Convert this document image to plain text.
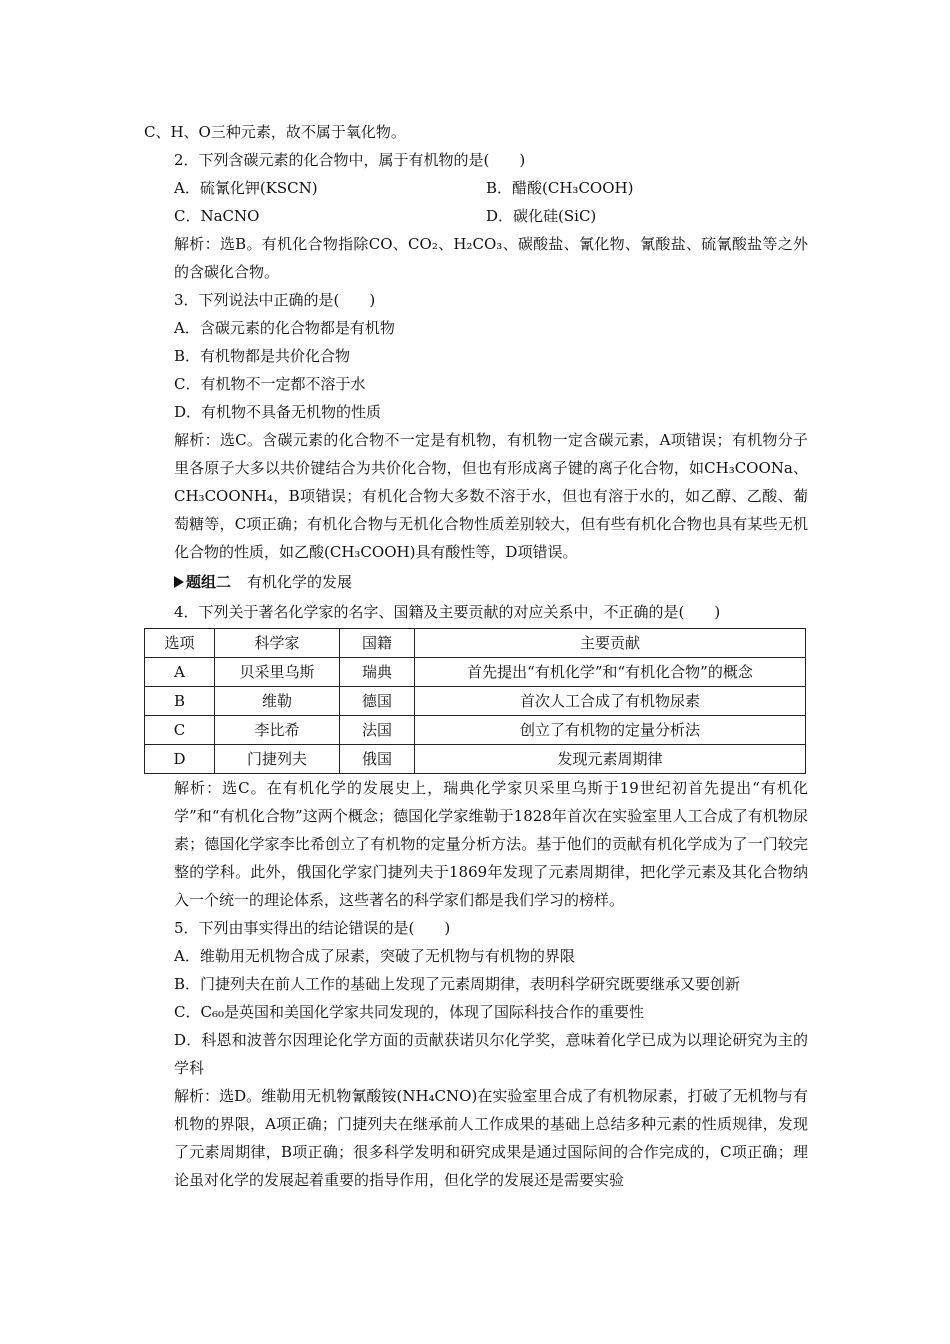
C、H、O三种元素，故不属于氧化物。

2．下列含碳元素的化合物中，属于有机物的是(　　)

A．硫氰化钾(KSCN)	B．醋酸(CH₃COOH)
C．NaCNO	D．碳化硅(SiC)

解析：选B。有机化合物指除CO、CO₂、H₂CO₃、碳酸盐、氰化物、氰酸盐、硫氰酸盐等之外的含碳化合物。

3．下列说法中正确的是(　　)

A．含碳元素的化合物都是有机物

B．有机物都是共价化合物

C．有机物不一定都不溶于水

D．有机物不具备无机物的性质

解析：选C。含碳元素的化合物不一定是有机物，有机物一定含碳元素，A项错误；有机物分子里各原子大多以共价键结合为共价化合物，但也有形成离子键的离子化合物，如CH₃COONa、CH₃COONH₄，B项错误；有机化合物大多数不溶于水，但也有溶于水的，如乙醇、乙酸、葡萄糖等，C项正确；有机化合物与无机化合物性质差别较大，但有些有机化合物也具有某些无机化合物的性质，如乙酸(CH₃COOH)具有酸性等，D项错误。

题组二 有机化学的发展

4．下列关于著名化学家的名字、国籍及主要贡献的对应关系中，不正确的是(　　)

选项	科学家	国籍	主要贡献
A	贝采里乌斯	瑞典	首先提出“有机化学”和“有机化合物”的概念
B	维勒	德国	首次人工合成了有机物尿素
C	李比希	法国	创立了有机物的定量分析法
D	门捷列夫	俄国	发现元素周期律

解析：选C。在有机化学的发展史上，瑞典化学家贝采里乌斯于19世纪初首先提出“有机化学”和“有机化合物”这两个概念；德国化学家维勒于1828年首次在实验室里人工合成了有机物尿素；德国化学家李比希创立了有机物的定量分析方法。基于他们的贡献有机化学成为了一门较完整的学科。此外，俄国化学家门捷列夫于1869年发现了元素周期律，把化学元素及其化合物纳入一个统一的理论体系，这些著名的科学家们都是我们学习的榜样。

5．下列由事实得出的结论错误的是(　　)

A．维勒用无机物合成了尿素，突破了无机物与有机物的界限

B．门捷列夫在前人工作的基础上发现了元素周期律，表明科学研究既要继承又要创新

C．C₆₀是英国和美国化学家共同发现的，体现了国际科技合作的重要性

D．科恩和波普尔因理论化学方面的贡献获诺贝尔化学奖，意味着化学已成为以理论研究为主的学科

解析：选D。维勒用无机物氰酸铵(NH₄CNO)在实验室里合成了有机物尿素，打破了无机物与有机物的界限，A项正确；门捷列夫在继承前人工作成果的基础上总结多种元素的性质规律，发现了元素周期律，B项正确；很多科学发明和研究成果是通过国际间的合作完成的，C项正确；理论虽对化学的发展起着重要的指导作用，但化学的发展还是需要实验
